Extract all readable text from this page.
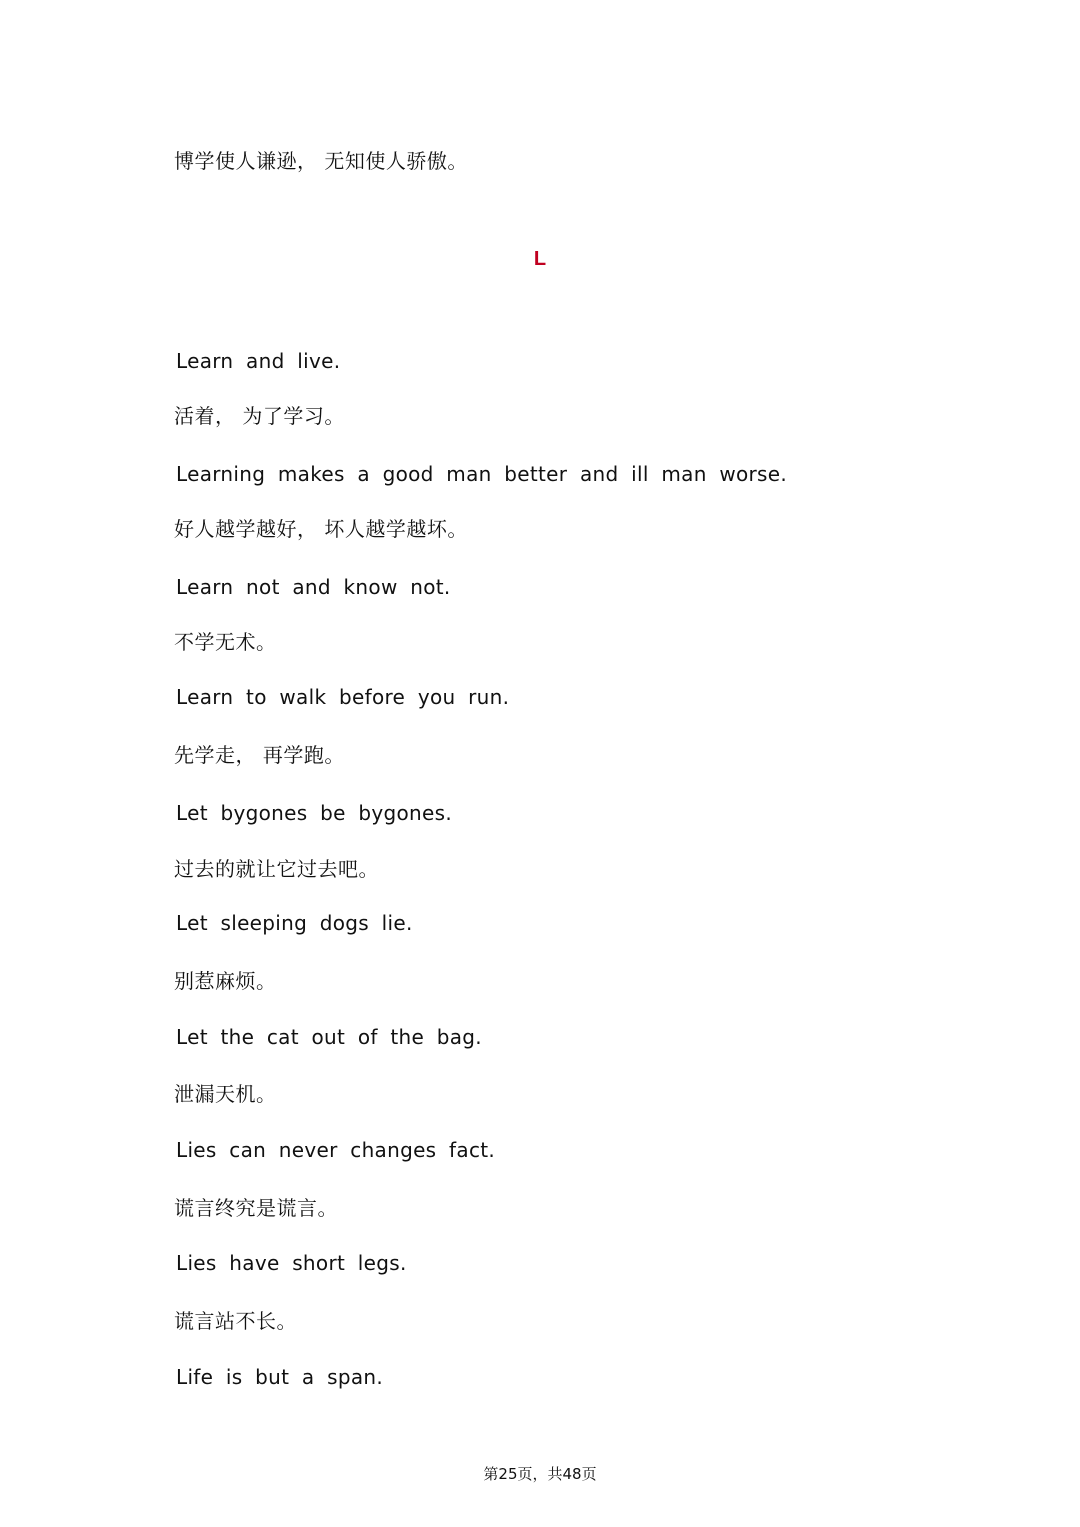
博学使人谦逊， 无知使人骄傲。
L
Learn and live.
活着， 为了学习。
Learning makes a good man better and ill man worse.
好人越学越好， 坏人越学越坏。
Learn not and know not.
不学无术。
Learn to walk before you run.
先学走， 再学跑。
Let bygones be bygones.
过去的就让它过去吧。
Let sleeping dogs lie.
别惹麻烦。
Let the cat out of the bag.
泄漏天机。
Lies can never changes fact.
谎言终究是谎言。
Lies have short legs.
谎言站不长。
Life is but a span.
第25页，共48页
